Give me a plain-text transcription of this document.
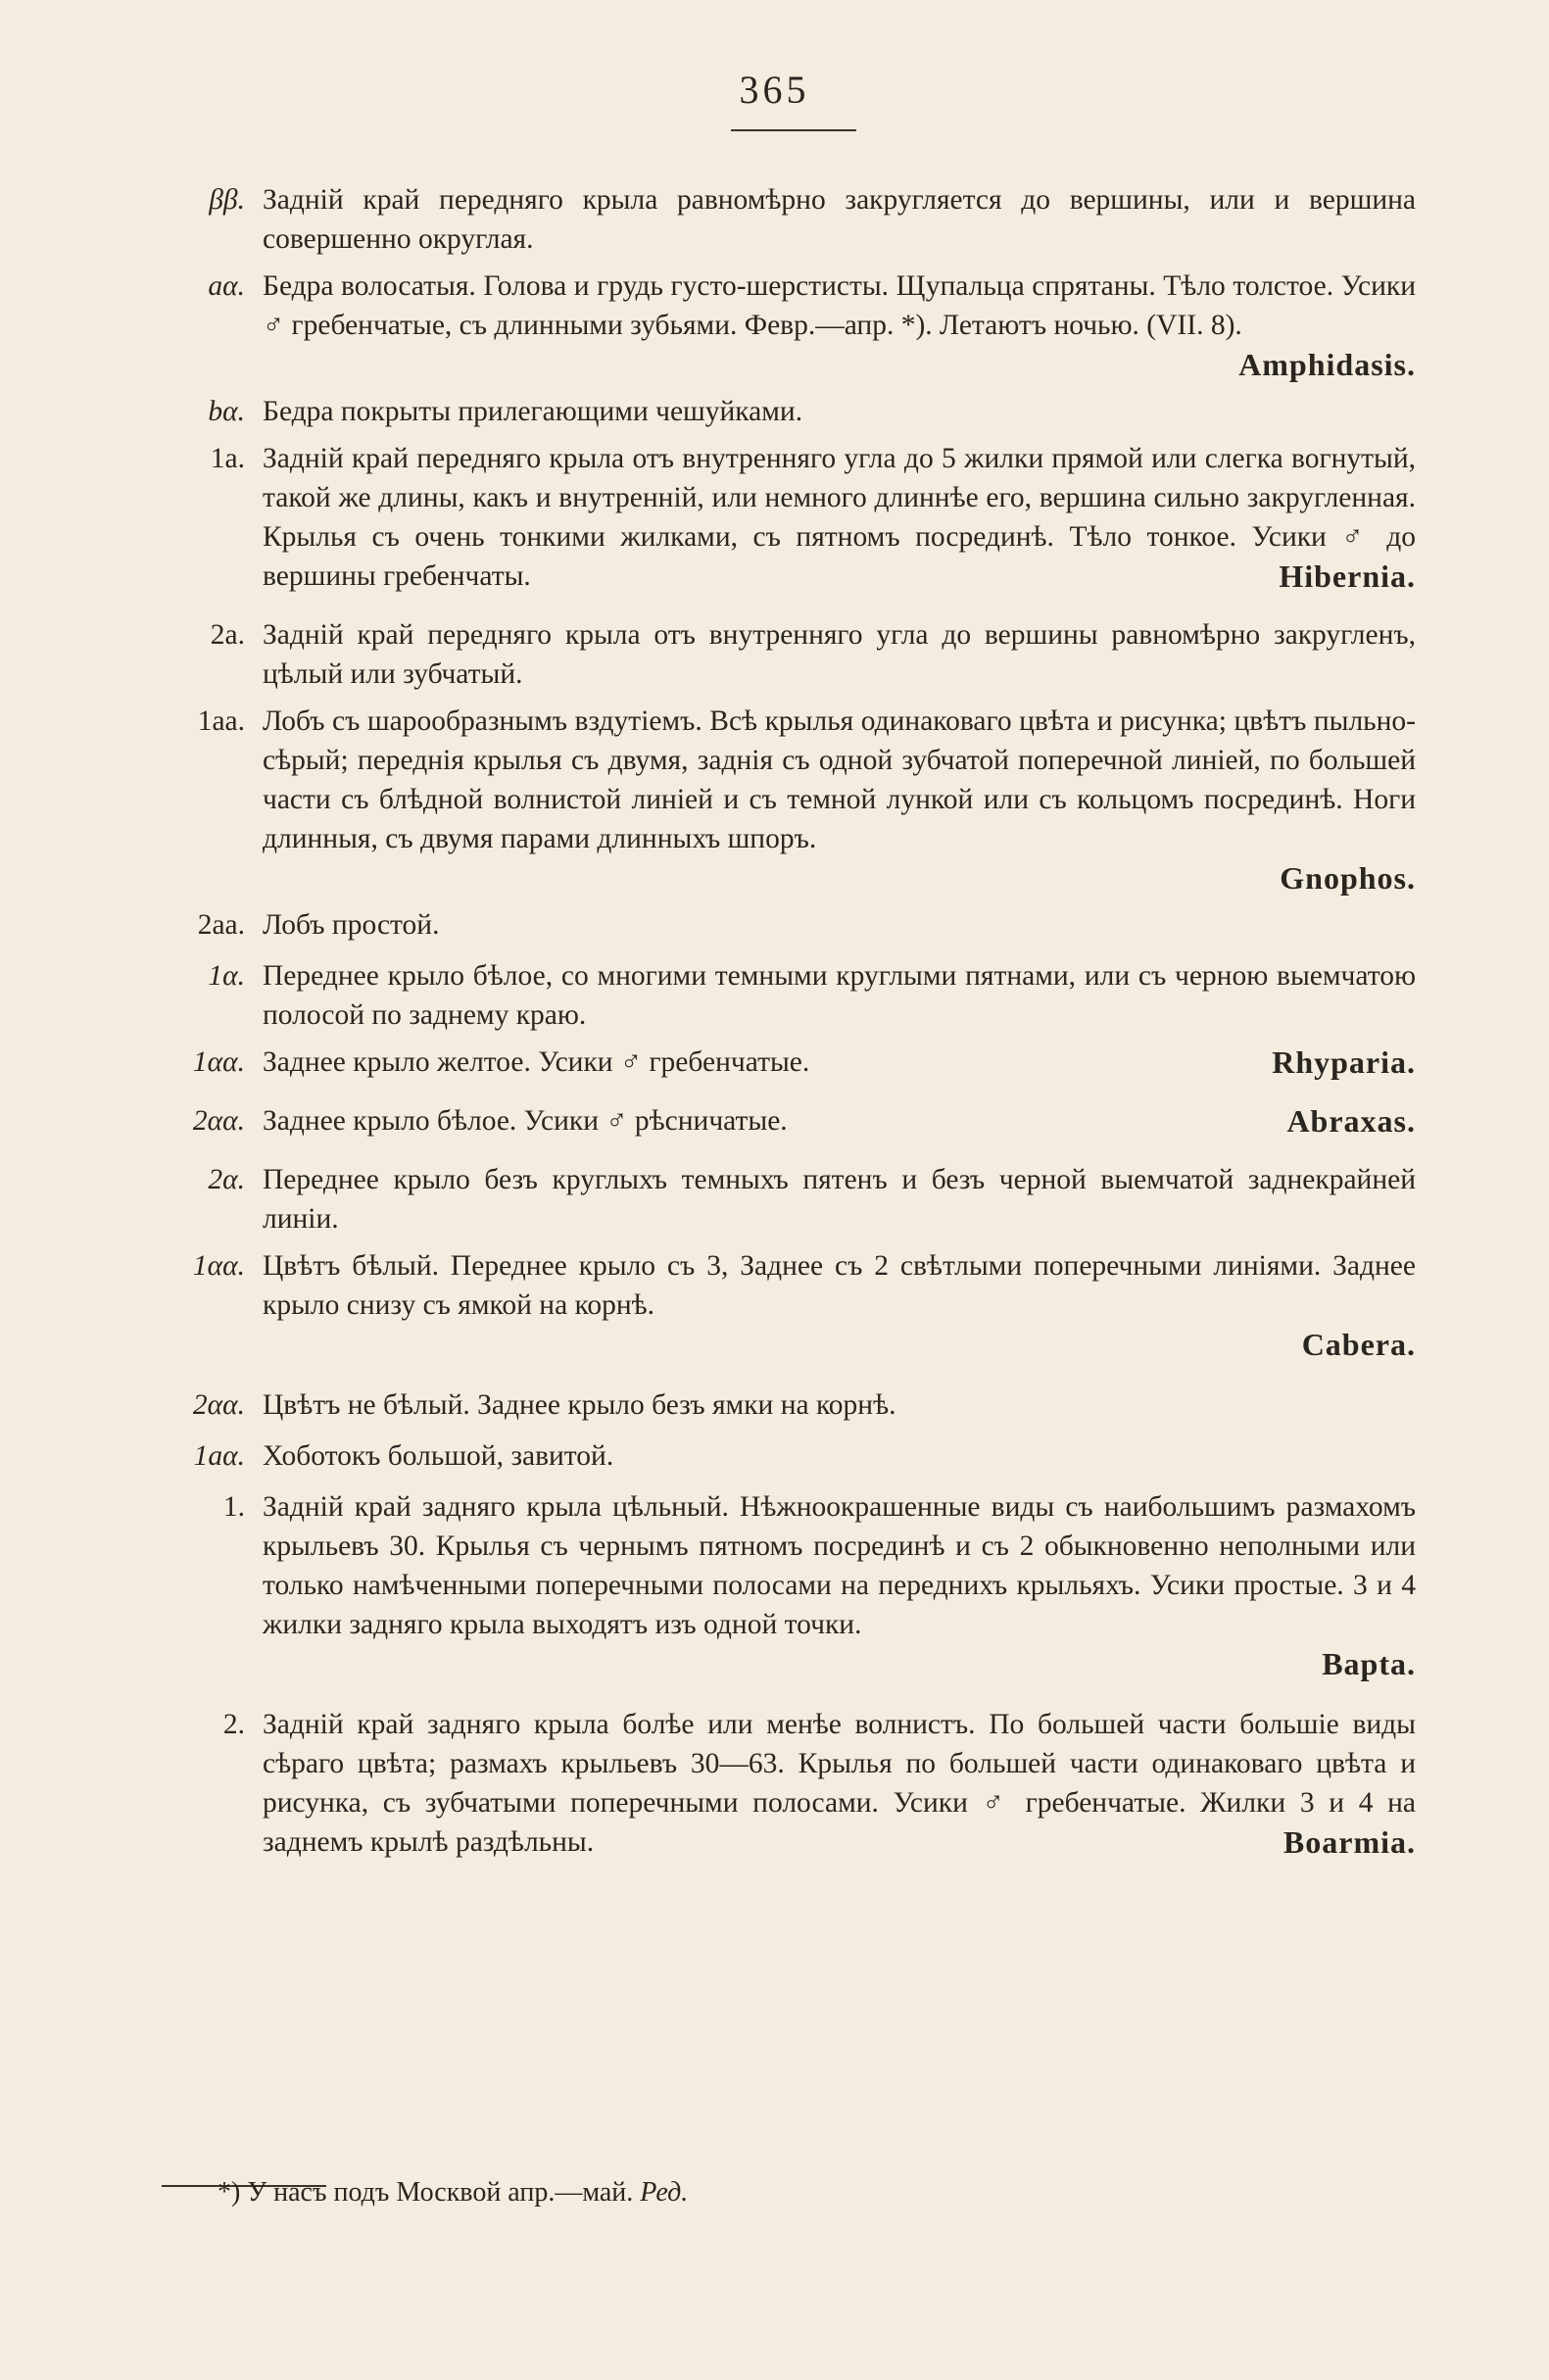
365
ββ. Заднiй край передняго крыла равномѣрно закругляется до вершины, или и вершина совершенно округлая.
aα. Бедра волосатыя. Голова и грудь густо-шерстисты. Щупальца спрятаны. Тѣло толстое. Усики ♂ гребенчатые, съ длинными зубьями. Февр.—апр. *). Летаютъ ночью. (VII. 8).
Amphidasis.
bα. Бедра покрыты прилегающими чешуйками.
1a. Заднiй край передняго крыла отъ внутренняго угла до 5 жилки прямой или слегка вогнутый, такой же длины, какъ и внутреннiй, или немного длиннѣе его, вершина сильно закругленная. Крылья съ очень тонкими жилками, съ пятномъ посрединѣ. Тѣло тонкое. Усики ♂ до вершины гребенчаты.	Hibernia.
2a. Заднiй край передняго крыла отъ внутренняго угла до вершины равномѣрно закругленъ, цѣлый или зубчатый.
1aa. Лобъ съ шарообразнымъ вздутiемъ. Всѣ крылья одинаковаго цвѣта и рисунка; цвѣтъ пыльно-сѣрый; переднiя крылья съ двумя, заднiя съ одной зубчатой поперечной линiей, по большей части съ блѣдной волнистой линiей и съ темной лункой или съ кольцомъ посрединѣ. Ноги длинныя, съ двумя парами длинныхъ шпоръ.
Gnophos.
2aa. Лобъ простой.
1α. Переднее крыло бѣлое, со многими темными круглыми пятнами, или съ черною выемчатою полосой по заднему краю.
1αα. Заднее крыло желтое. Усики ♂ гребенчатые.	Rhyparia.
2αα. Заднее крыло бѣлое. Усики ♂ рѣсничатые.	Abraxas.
2α. Переднее крыло безъ круглыхъ темныхъ пятенъ и безъ черной выемчатой заднекрайней линiи.
1αα. Цвѣтъ бѣлый. Переднее крыло съ 3, Заднее съ 2 свѣтлыми поперечными линiями. Заднее крыло снизу съ ямкой на корнѣ.
Cabera.
2αα. Цвѣтъ не бѣлый. Заднее крыло безъ ямки на корнѣ.
1aα. Хоботокъ большой, завитой.
1. Заднiй край задняго крыла цѣльный. Нѣжноокрашенные виды съ наибольшимъ размахомъ крыльевъ 30. Крылья съ чернымъ пятномъ посрединѣ и съ 2 обыкновенно неполными или только намѣченными поперечными полосами на переднихъ крыльяхъ. Усики простые. 3 и 4 жилки задняго крыла выходятъ изъ одной точки.
Bapta.
2. Заднiй край задняго крыла болѣе или менѣе волнистъ. По большей части большiе виды сѣраго цвѣта; размахъ крыльевъ 30—63. Крылья по большей части одинаковаго цвѣта и рисунка, съ зубчатыми поперечными полосами. Усики ♂ гребенчатые. Жилки 3 и 4 на заднемъ крылѣ раздѣльны.	Boarmia.
*) У насъ подъ Москвой апр.—май. Ред.
